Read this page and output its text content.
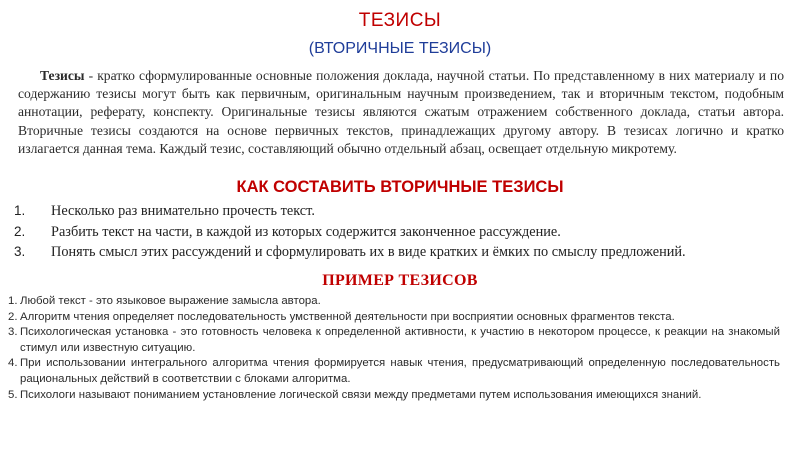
ТЕЗИСЫ
(ВТОРИЧНЫЕ ТЕЗИСЫ)

Тезисы - кратко сформулированные основные положения доклада, научной статьи. По представленному в них материалу и по содержанию тезисы могут быть как первичным, оригинальным научным произведением, так и вторичным текстом, подобным аннотации, реферату, конспекту. Оригинальные тезисы являются сжатым отражением собственного доклада, статьи автора. Вторичные тезисы создаются на основе первичных текстов, принадлежащих другому автору. В тезисах логично и кратко излагается данная тема. Каждый тезис, составляющий обычно отдельный абзац, освещает отдельную микротему.

КАК СОСТАВИТЬ ВТОРИЧНЫЕ ТЕЗИСЫ
1.	Несколько раз внимательно прочесть текст.
2.	Разбить текст на части, в каждой из которых содержится законченное рассуждение.
3.	Понять смысл этих рассуждений и сформулировать их в виде кратких и ёмких по смыслу предложений.
ПРИМЕР ТЕЗИСОВ
1. Любой текст - это языковое выражение замысла автора.
2. Алгоритм чтения определяет последовательность умственной деятельности при восприятии основных фрагментов текста.
3. Психологическая установка - это готовность человека к определенной активности, к участию в некотором процессе, к реакции на знакомый стимул или известную ситуацию.
4. При использовании интегрального алгоритма чтения формируется навык чтения, предусматривающий определенную последовательность рациональных действий в соответствии с блоками алгоритма.
5. Психологи называют пониманием установление логической связи между предметами путем использования имеющихся знаний.
